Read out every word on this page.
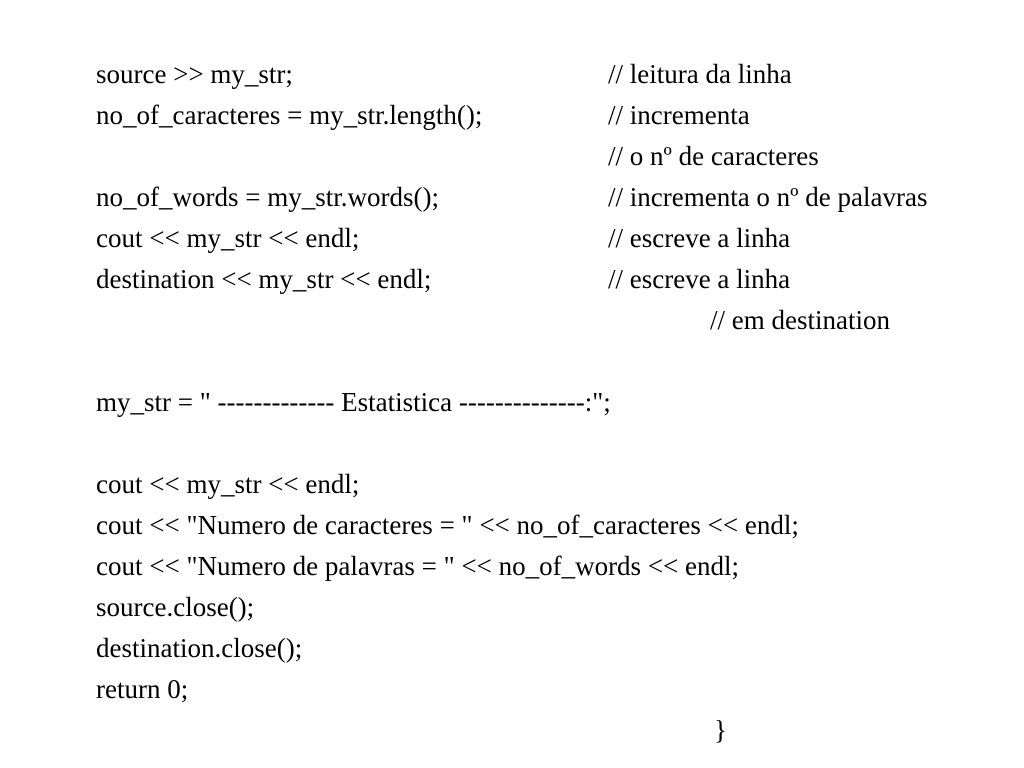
source >> my_str;	// leitura da linha
no_of_caracteres = my_str.length();	// incrementa
// o nº de caracteres
no_of_words = my_str.words();	// incrementa o nº de palavras
cout << my_str << endl;	// escreve a linha
destination << my_str << endl;	// escreve a linha
// em destination
my_str = " ------------- Estatistica --------------:";
cout << my_str << endl;
cout << "Numero de caracteres = " << no_of_caracteres << endl;
cout << "Numero de palavras = " << no_of_words << endl;
source.close();
destination.close();
return 0;
}
